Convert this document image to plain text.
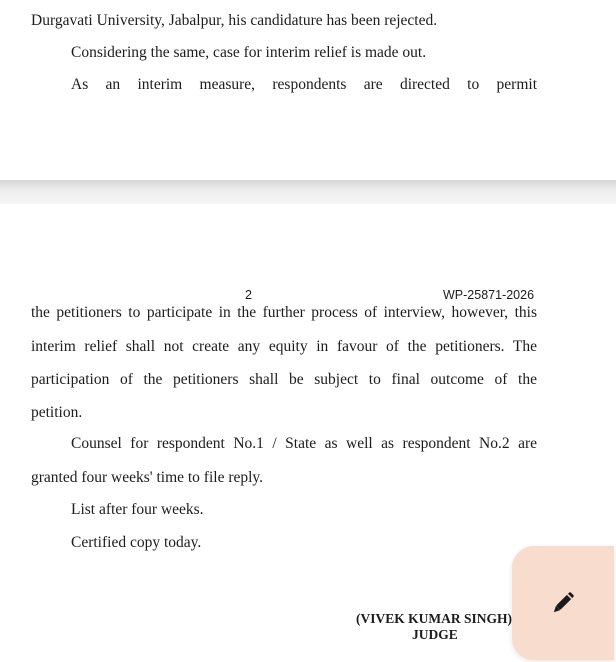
Durgavati University, Jabalpur, his candidature has been rejected.
Considering the same, case for interim relief is made out.
As an interim measure, respondents are directed to permit
2	WP-25871-2026
the petitioners to participate in the further process of interview, however, this
interim relief shall not create any equity in favour of the petitioners. The
participation of the petitioners shall be subject to final outcome of the
petition.
Counsel for respondent No.1 / State as well as respondent No.2 are
granted four weeks' time to file reply.
List after four weeks.
Certified copy today.
(VIVEK KUMAR SINGH)
JUDGE
